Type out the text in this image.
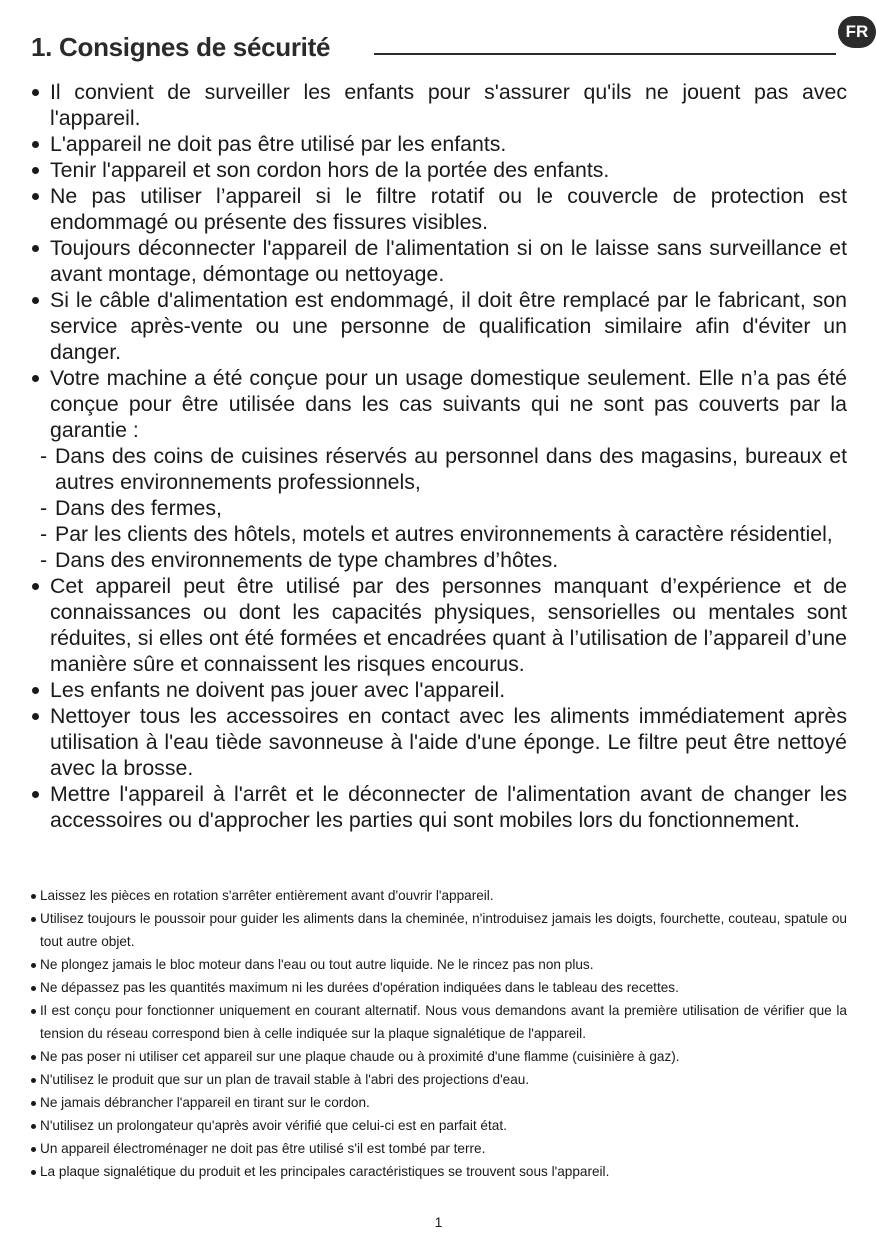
1. Consignes de sécurité
FR
Il convient de surveiller les enfants pour s'assurer qu'ils ne jouent pas avec l'appareil.
L'appareil ne doit pas être utilisé par les enfants.
Tenir l'appareil et son cordon hors de la portée des enfants.
Ne pas utiliser l’appareil si le filtre rotatif ou le couvercle de protection est endommagé ou présente des fissures visibles.
Toujours déconnecter l'appareil de l'alimentation si on le laisse sans surveillance et avant montage, démontage ou nettoyage.
Si le câble d'alimentation est endommagé, il doit être remplacé par le fabricant, son service après-vente ou une personne de qualification similaire afin d'éviter un danger.
Votre machine a été conçue pour un usage domestique seulement. Elle n’a pas été conçue pour être utilisée dans les cas suivants qui ne sont pas couverts par la garantie :
- Dans des coins de cuisines réservés au personnel dans des magasins, bureaux et autres environnements professionnels,
- Dans des fermes,
- Par les clients des hôtels, motels et autres environnements à caractère résidentiel,
- Dans des environnements de type chambres d’hôtes.
Cet appareil peut être utilisé par des personnes manquant d’expérience et de connaissances ou dont les capacités physiques, sensorielles ou mentales sont réduites, si elles ont été formées et encadrées quant à l’utilisation de l’appareil d’une manière sûre et connaissent les risques encourus.
Les enfants ne doivent pas jouer avec l'appareil.
Nettoyer tous les accessoires en contact avec les aliments immédiatement après utilisation à l'eau tiède savonneuse à l'aide d'une éponge. Le filtre peut être nettoyé avec la brosse.
Mettre l'appareil à l'arrêt et le déconnecter de l'alimentation avant de changer les accessoires ou d'approcher les parties qui sont mobiles lors du fonctionnement.
Laissez les pièces en rotation s'arrêter entièrement avant d'ouvrir l'appareil.
Utilisez toujours le poussoir pour guider les aliments dans la cheminée, n'introduisez jamais les doigts, fourchette, couteau, spatule ou tout autre objet.
Ne plongez jamais le bloc moteur dans l'eau ou tout autre liquide. Ne le rincez pas non plus.
Ne dépassez pas les quantités maximum ni les durées d'opération indiquées dans le tableau des recettes.
Il est conçu pour fonctionner uniquement en courant alternatif. Nous vous demandons avant la première utilisation de vérifier que la tension du réseau correspond bien à celle indiquée sur la plaque signalétique de l'appareil.
Ne pas poser ni utiliser cet appareil sur une plaque chaude ou à proximité d'une flamme (cuisinière à gaz).
N'utilisez le produit que sur un plan de travail stable à l'abri des projections d'eau.
Ne jamais débrancher l'appareil en tirant sur le cordon.
N'utilisez un prolongateur qu'après avoir vérifié que celui-ci est en parfait état.
Un appareil électroménager ne doit pas être utilisé s'il est tombé par terre.
La plaque signalétique du produit et les principales caractéristiques se trouvent sous l'appareil.
1
